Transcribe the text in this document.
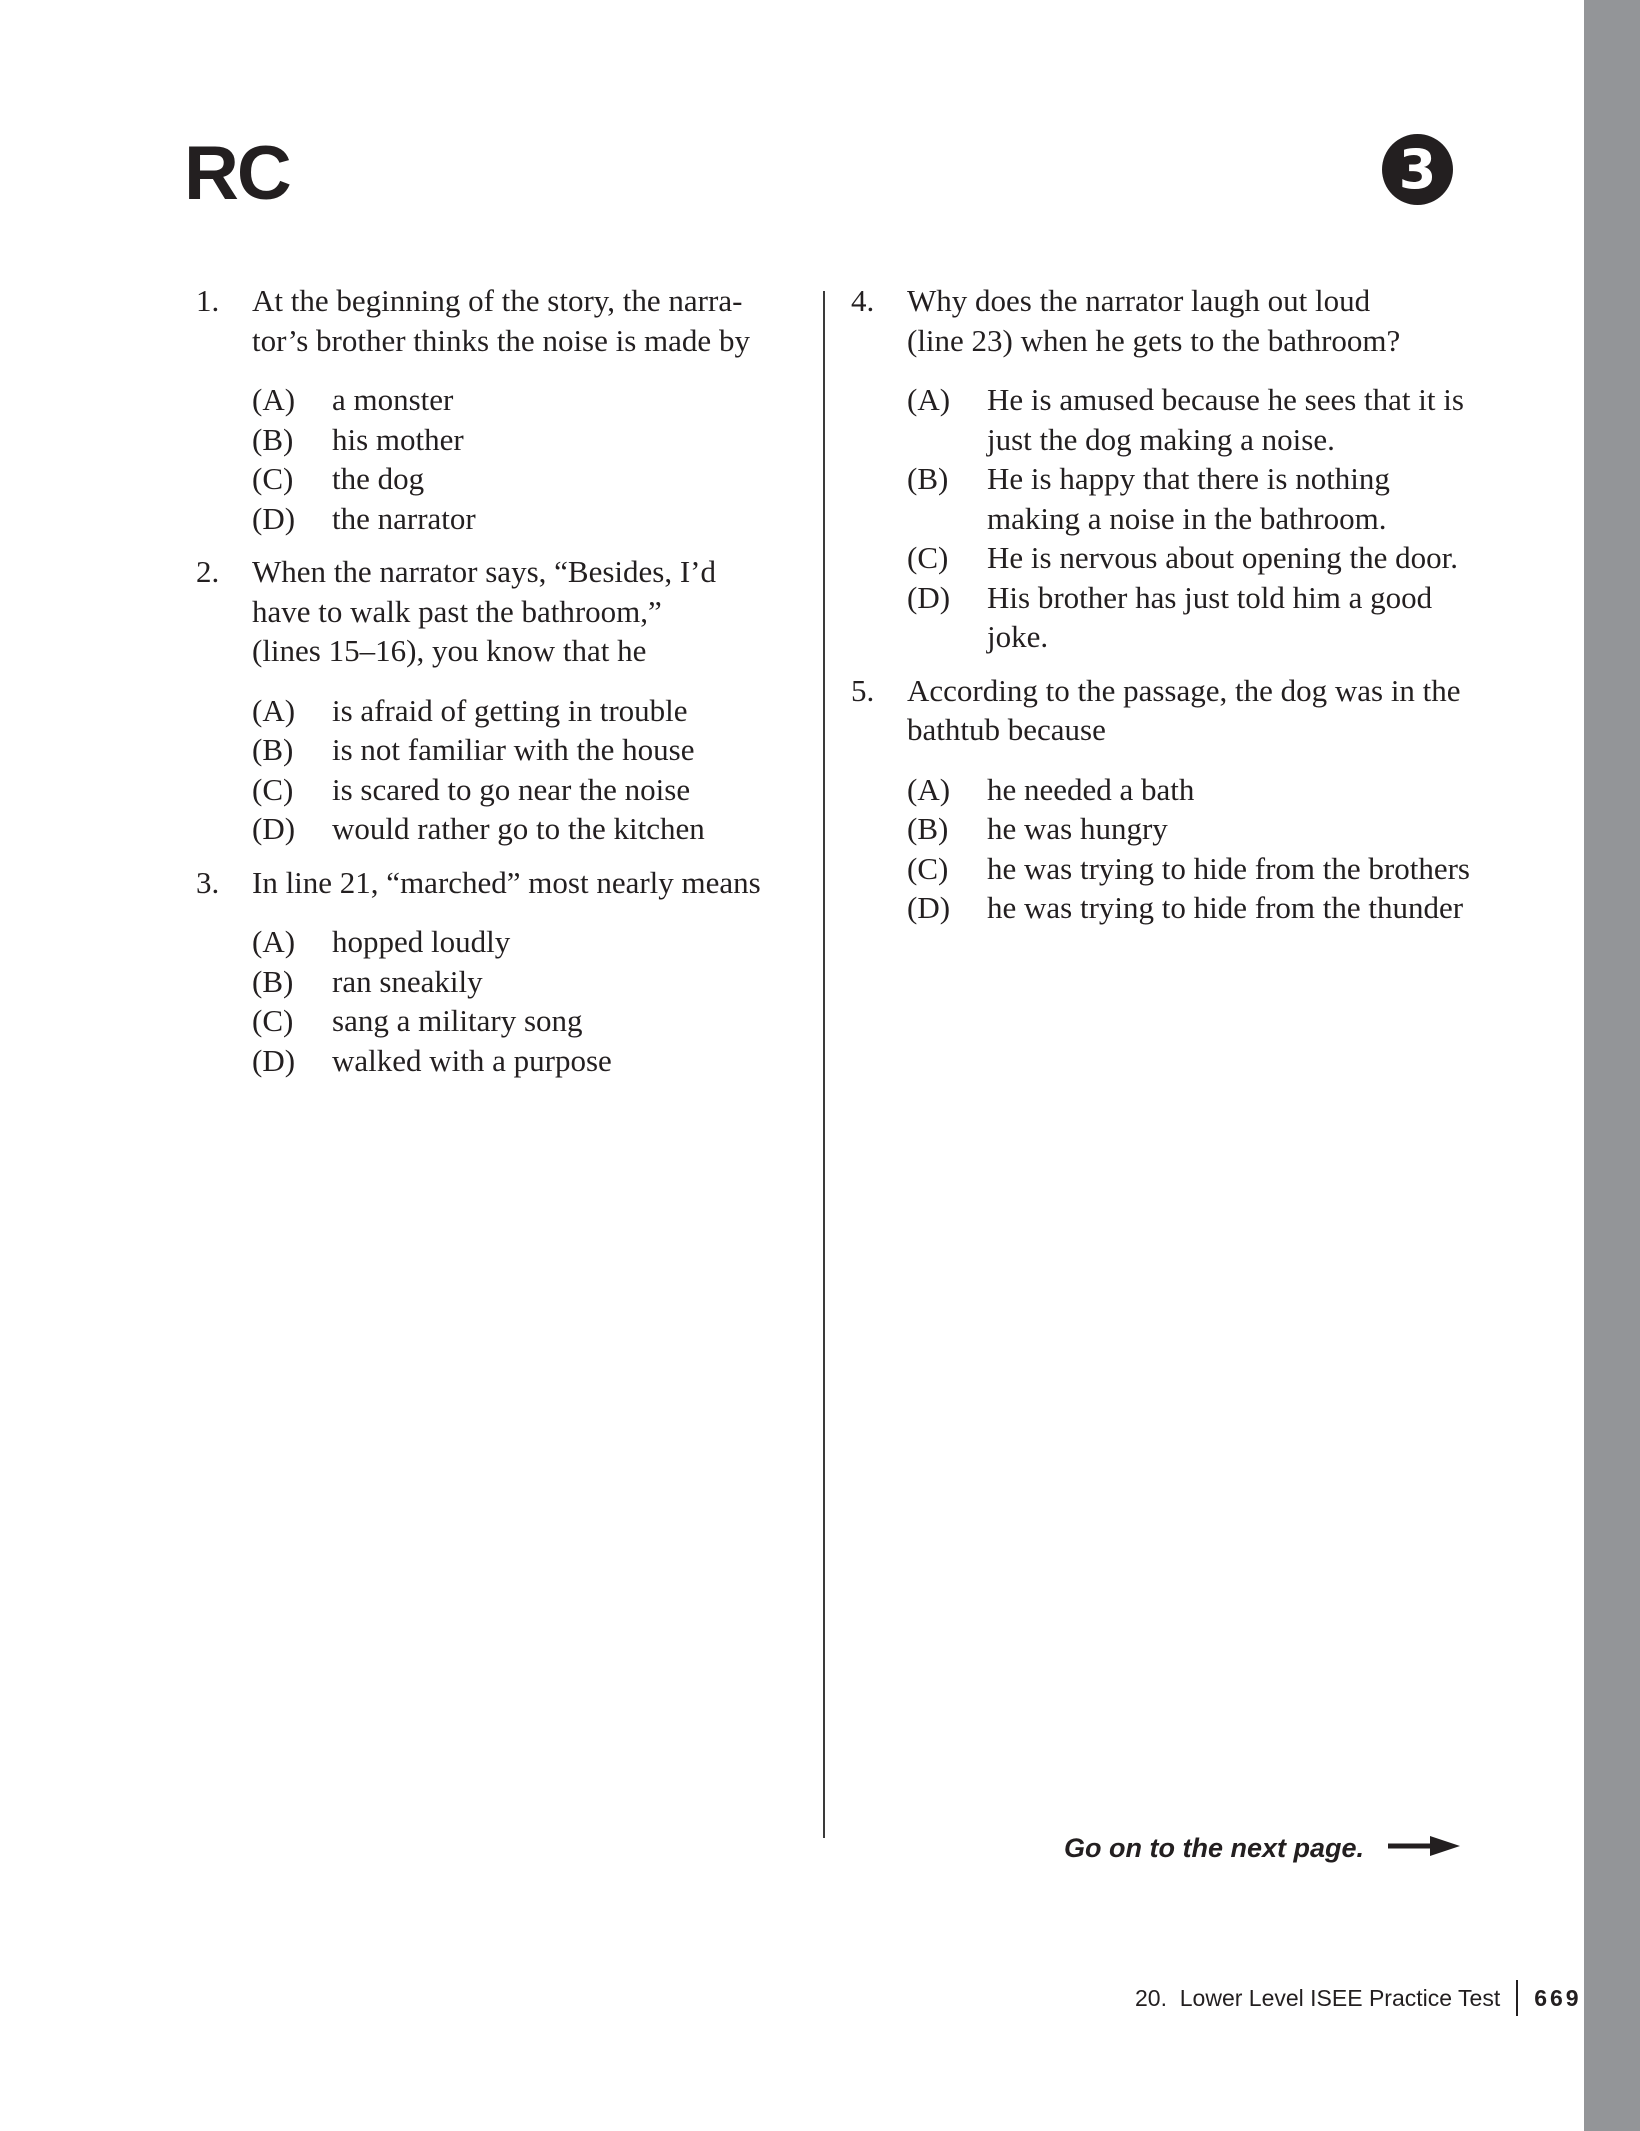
RC	3
1.	At the beginning of the story, the narra-
tor’s brother thinks the noise is made by
(A)	a monster
(B)	his mother
(C)	the dog
(D)	the narrator
2.	When the narrator says, “Besides, I’d
have to walk past the bathroom,”
(lines 15–16), you know that he
(A)	is afraid of getting in trouble
(B)	is not familiar with the house
(C)	is scared to go near the noise
(D)	would rather go to the kitchen
3.	In line 21, “marched” most nearly means
(A)	hopped loudly
(B)	ran sneakily
(C)	sang a military song
(D)	walked with a purpose
4.	Why does the narrator laugh out loud
(line 23) when he gets to the bathroom?
(A)	He is amused because he sees that it is just the dog making a noise.
(B)	He is happy that there is nothing making a noise in the bathroom.
(C)	He is nervous about opening the door.
(D)	His brother has just told him a good joke.
5.	According to the passage, the dog was in the bathtub because
(A)	he needed a bath
(B)	he was hungry
(C)	he was trying to hide from the brothers
(D)	he was trying to hide from the thunder
Go on to the next page.
20.  Lower Level ISEE Practice Test 669
